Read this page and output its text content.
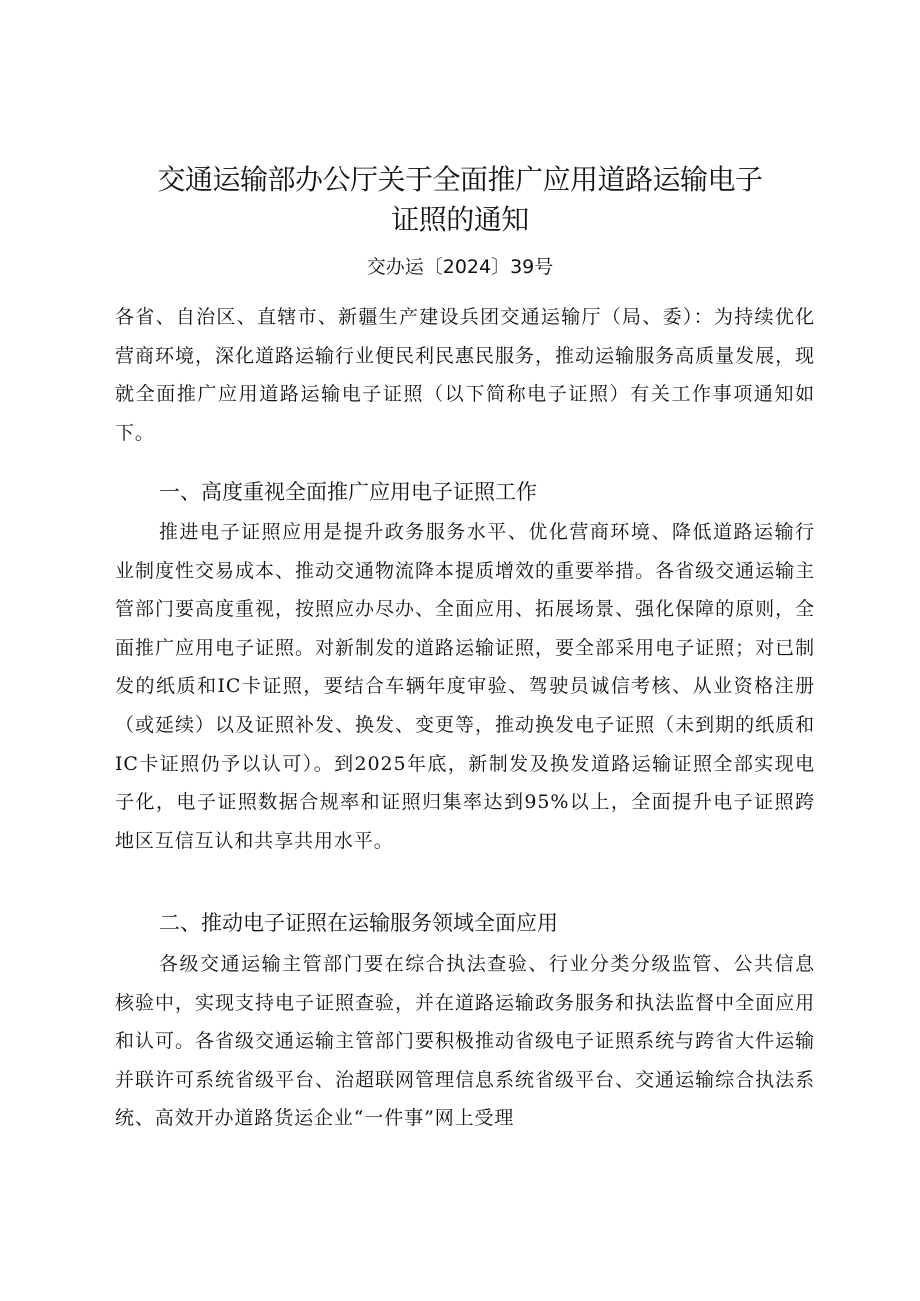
交通运输部办公厅关于全面推广应用道路运输电子
证照的通知
交办运〔2024〕39号

各省、自治区、直辖市、新疆生产建设兵团交通运输厅（局、委）：为持续优化营商环境，深化道路运输行业便民利民惠民服务，推动运输服务高质量发展，现就全面推广应用道路运输电子证照（以下简称电子证照）有关工作事项通知如下。

一、高度重视全面推广应用电子证照工作

推进电子证照应用是提升政务服务水平、优化营商环境、降低道路运输行业制度性交易成本、推动交通物流降本提质增效的重要举措。各省级交通运输主管部门要高度重视，按照应办尽办、全面应用、拓展场景、强化保障的原则，全面推广应用电子证照。对新制发的道路运输证照，要全部采用电子证照；对已制发的纸质和IC卡证照，要结合车辆年度审验、驾驶员诚信考核、从业资格注册（或延续）以及证照补发、换发、变更等，推动换发电子证照（未到期的纸质和IC卡证照仍予以认可）。到2025年底，新制发及换发道路运输证照全部实现电子化，电子证照数据合规率和证照归集率达到95%以上，全面提升电子证照跨地区互信互认和共享共用水平。

二、推动电子证照在运输服务领域全面应用

各级交通运输主管部门要在综合执法查验、行业分类分级监管、公共信息核验中，实现支持电子证照查验，并在道路运输政务服务和执法监督中全面应用和认可。各省级交通运输主管部门要积极推动省级电子证照系统与跨省大件运输并联许可系统省级平台、治超联网管理信息系统省级平台、交通运输综合执法系统、高效开办道路货运企业“一件事”网上受理
